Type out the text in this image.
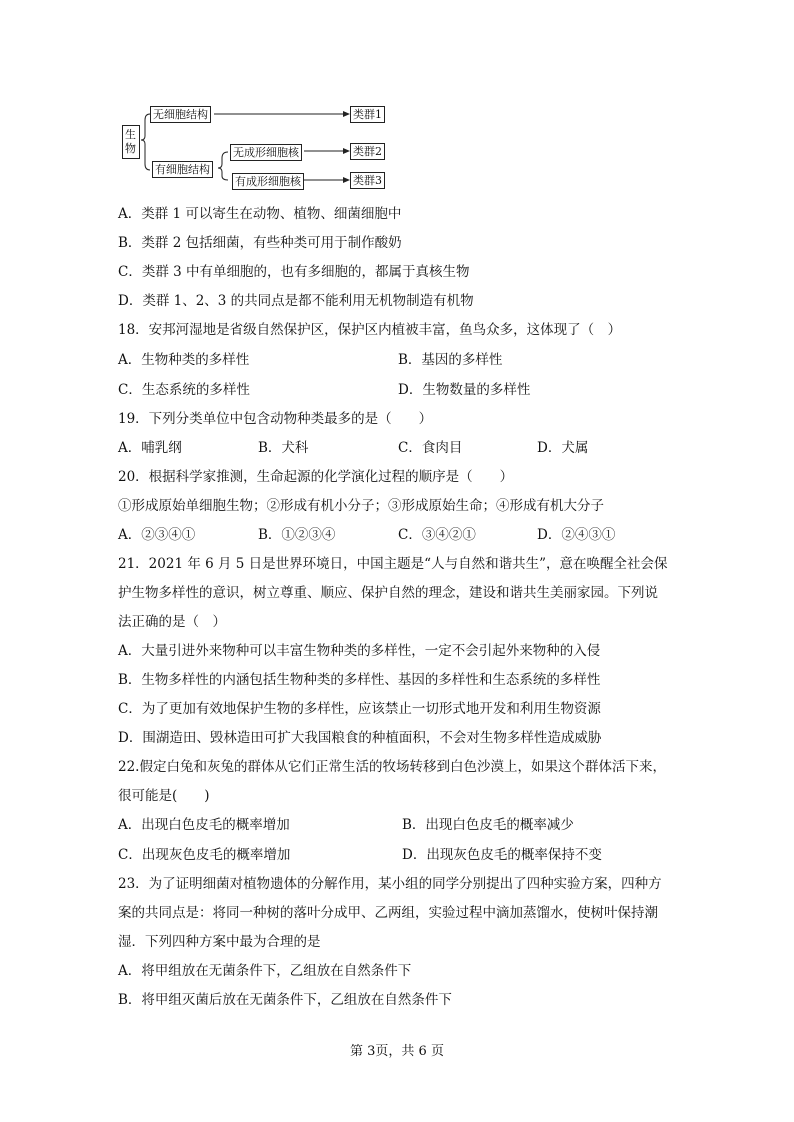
生物
无细胞结构
有细胞结构
无成形细胞核
有成形细胞核
类群1
类群2
类群3
A．类群 1 可以寄生在动物、植物、细菌细胞中
B．类群 2 包括细菌，有些种类可用于制作酸奶
C．类群 3 中有单细胞的，也有多细胞的，都属于真核生物
D．类群 1、2、3 的共同点是都不能利用无机物制造有机物
18．安邦河湿地是省级自然保护区，保护区内植被丰富，鱼鸟众多，这体现了（　）
A．生物种类的多样性	B．基因的多样性
C．生态系统的多样性	D．生物数量的多样性
19．下列分类单位中包含动物种类最多的是（　　）
A．哺乳纲	B．犬科	C．食肉目	D．犬属
20．根据科学家推测，生命起源的化学演化过程的顺序是（　　）
①形成原始单细胞生物；②形成有机小分子；③形成原始生命；④形成有机大分子
A．②③④①	B．①②③④	C．③④②①	D．②④③①
21．2021 年 6 月 5 日是世界环境日，中国主题是“人与自然和谐共生”，意在唤醒全社会保
护生物多样性的意识，树立尊重、顺应、保护自然的理念，建设和谐共生美丽家园。下列说
法正确的是（　）
A．大量引进外来物种可以丰富生物种类的多样性，一定不会引起外来物种的入侵
B．生物多样性的内涵包括生物种类的多样性、基因的多样性和生态系统的多样性
C．为了更加有效地保护生物的多样性，应该禁止一切形式地开发和利用生物资源
D．围湖造田、毁林造田可扩大我国粮食的种植面积，不会对生物多样性造成威胁
22.假定白兔和灰兔的群体从它们正常生活的牧场转移到白色沙漠上，如果这个群体活下来，
很可能是(　　)
A．出现白色皮毛的概率增加	B．出现白色皮毛的概率减少
C．出现灰色皮毛的概率增加	D．出现灰色皮毛的概率保持不变
23．为了证明细菌对植物遗体的分解作用，某小组的同学分别提出了四种实验方案，四种方
案的共同点是：将同一种树的落叶分成甲、乙两组，实验过程中滴加蒸馏水，使树叶保持潮
湿．下列四种方案中最为合理的是
A．将甲组放在无菌条件下，乙组放在自然条件下
B．将甲组灭菌后放在无菌条件下，乙组放在自然条件下
第 3页，共 6 页
